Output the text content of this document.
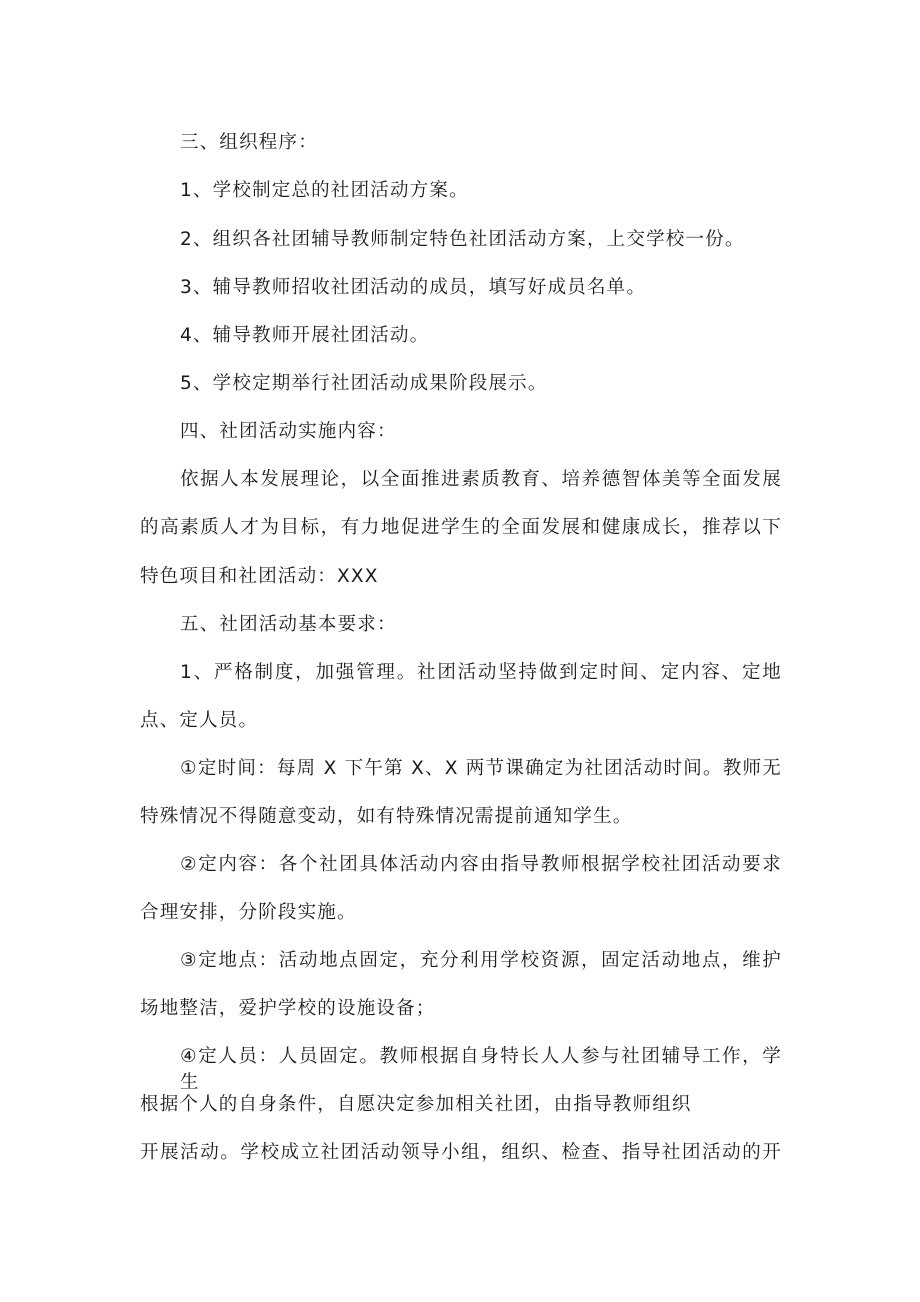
三、组织程序：
1、学校制定总的社团活动方案。
2、组织各社团辅导教师制定特色社团活动方案，上交学校一份。
3、辅导教师招收社团活动的成员，填写好成员名单。
4、辅导教师开展社团活动。
5、学校定期举行社团活动成果阶段展示。
四、社团活动实施内容：
依据人本发展理论，以全面推进素质教育、培养德智体美等全面发展
的高素质人才为目标，有力地促进学生的全面发展和健康成长，推荐以下
特色项目和社团活动：XXX
五、社团活动基本要求：
1、严格制度，加强管理。社团活动坚持做到定时间、定内容、定地
点、定人员。
①定时间：每周 X 下午第 X、X 两节课确定为社团活动时间。教师无
特殊情况不得随意变动，如有特殊情况需提前通知学生。
②定内容：各个社团具体活动内容由指导教师根据学校社团活动要求
合理安排，分阶段实施。
③定地点：活动地点固定，充分利用学校资源，固定活动地点，维护
场地整洁，爱护学校的设施设备；
④定人员：人员固定。教师根据自身特长人人参与社团辅导工作，学生
根据个人的自身条件，自愿决定参加相关社团，由指导教师组织
开展活动。学校成立社团活动领导小组，组织、检查、指导社团活动的开
